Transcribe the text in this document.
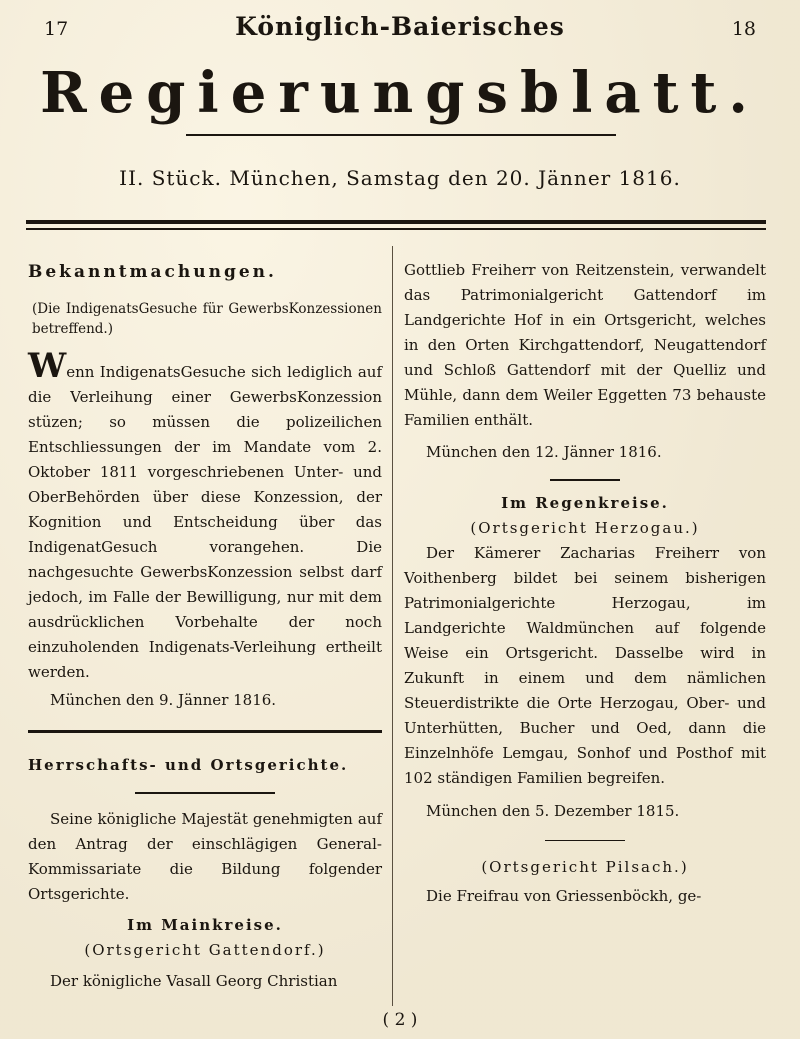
17	18
Königlich-Baierisches
Regierungsblatt.
II. Stück. München, Samstag den 20. Jänner 1816.
Bekanntmachungen.

(Die IndigenatsGesuche für GewerbsKonzessionen betreffend.)

Wenn IndigenatsGesuche sich lediglich auf die Verleihung einer GewerbsKonzession stüzen; so müssen die polizeilichen Entschliessungen der im Mandate vom 2. Oktober 1811 vorgeschriebenen Unter- und OberBehörden über diese Konzession, der Kognition und Entscheidung über das IndigenatGesuch vorangehen. Die nachgesuchte GewerbsKonzession selbst darf jedoch, im Falle der Bewilligung, nur mit dem ausdrücklichen Vorbehalte der noch einzuholenden Indigenats-Verleihung ertheilt werden.

München den 9. Jänner 1816.

Herrschafts- und Ortsgerichte.

Seine königliche Majestät genehmigten auf den Antrag der einschlägigen General-Kommissariate die Bildung folgender Ortsgerichte.

Im Mainkreise.

(Ortsgericht Gattendorf.)

Der königliche Vasall Georg Christian

Gottlieb Freiherr von Reitzenstein, verwandelt das Patrimonialgericht Gattendorf im Landgerichte Hof in ein Ortsgericht, welches in den Orten Kirchgattendorf, Neugattendorf und Schloß Gattendorf mit der Quelliz und Mühle, dann dem Weiler Eggetten 73 behauste Familien enthält.

München den 12. Jänner 1816.

Im Regenkreise.

(Ortsgericht Herzogau.)

Der Kämerer Zacharias Freiherr von Voithenberg bildet bei seinem bisherigen Patrimonialgerichte Herzogau, im Landgerichte Waldmünchen auf folgende Weise ein Ortsgericht. Dasselbe wird in Zukunft in einem und dem nämlichen Steuerdistrikte die Orte Herzogau, Ober- und Unterhütten, Bucher und Oed, dann die Einzelnhöfe Lemgau, Sonhof und Posthof mit 102 ständigen Familien begreifen.

München den 5. Dezember 1815.

(Ortsgericht Pilsach.)

Die Freifrau von Griessenböckh, ge-

( 2 )
